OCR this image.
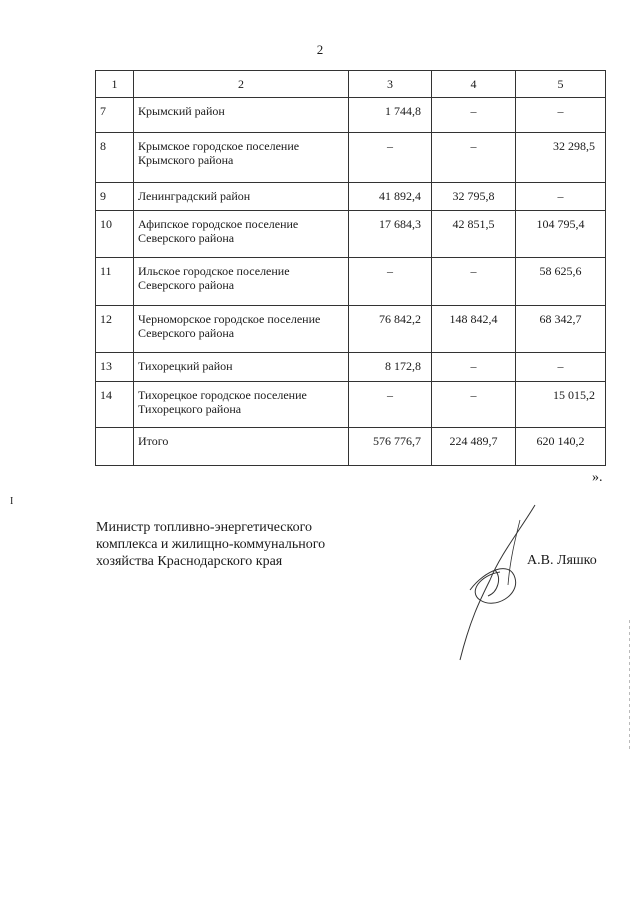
2
1	2	3	4	5
7	Крымский район	1 744,8	–	–
8	Крымское городское поселение Крымского района	–	–	32 298,5
9	Ленинградский район	41 892,4	32 795,8	–
10	Афипское городское поселение Северского района	17 684,3	42 851,5	104 795,4
11	Ильское городское поселение Северского района	–	–	58 625,6
12	Черноморское городское поселение Северского района	76 842,2	148 842,4	68 342,7
13	Тихорецкий район	8 172,8	–	–
14	Тихорецкое городское поселение Тихорецкого района	–	–	15 015,2
	Итого	576 776,7	224 489,7	620 140,2
».
I
Министр топливно-энергетического
комплекса и жилищно-коммунального
хозяйства Краснодарского края	А.В. Ляшко
